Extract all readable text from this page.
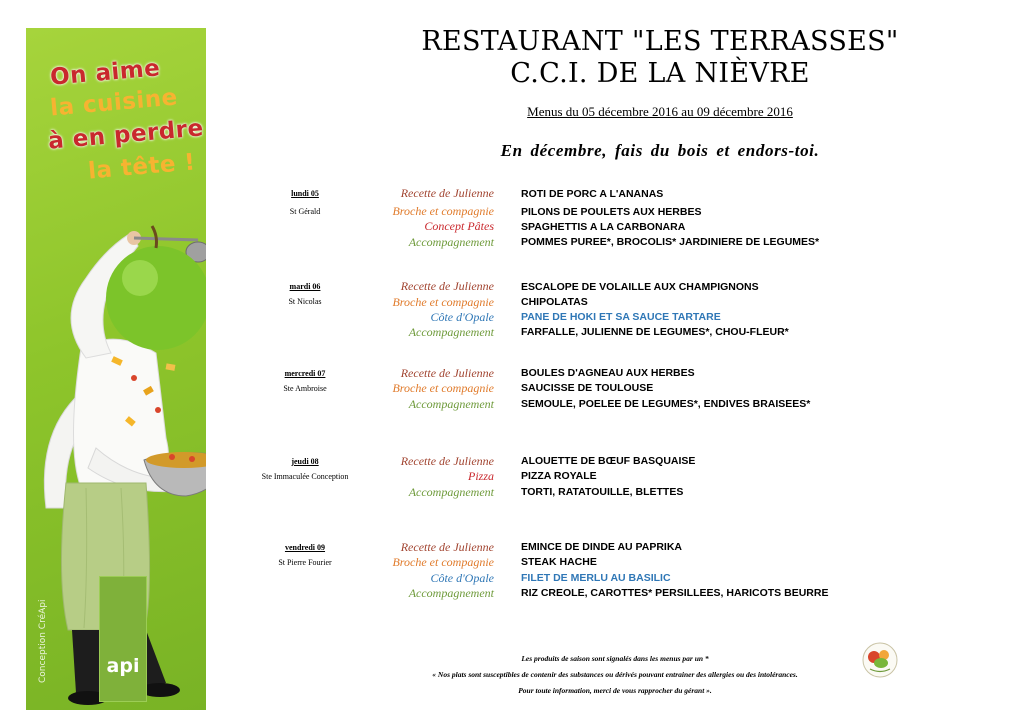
On aime
la cuisine
à en perdre
la tête !
api
Conception CréApi
RESTAURANT "LES TERRASSES"
C.C.I. DE LA NIÈVRE
Menus du 05 décembre 2016 au 09 décembre 2016
En décembre, fais du bois et endors-toi.
lundi 05
St Gérald
Recette de Julienne	ROTI DE PORC A L'ANANAS
Broche et compagnie	PILONS DE POULETS AUX HERBES
Concept Pâtes	SPAGHETTIS A LA CARBONARA
Accompagnement	POMMES PUREE*, BROCOLIS* JARDINIERE DE LEGUMES*
mardi 06
St Nicolas
Recette de Julienne	ESCALOPE DE VOLAILLE AUX CHAMPIGNONS
Broche et compagnie	CHIPOLATAS
Côte d'Opale	PANE DE HOKI ET SA SAUCE TARTARE
Accompagnement	FARFALLE, JULIENNE DE LEGUMES*, CHOU-FLEUR*
mercredi 07
Ste Ambroise
Recette de Julienne	BOULES D'AGNEAU AUX HERBES
Broche et compagnie	SAUCISSE DE TOULOUSE
Accompagnement	SEMOULE, POELEE DE LEGUMES*, ENDIVES BRAISEES*
jeudi 08
Ste Immaculée Conception
Recette de Julienne	ALOUETTE DE BŒUF BASQUAISE
Pizza	PIZZA ROYALE
Accompagnement	TORTI, RATATOUILLE, BLETTES
vendredi 09
St Pierre Fourier
Recette de Julienne	EMINCE DE DINDE AU PAPRIKA
Broche et compagnie	STEAK HACHE
Côte d'Opale	FILET DE MERLU AU BASILIC
Accompagnement	RIZ CREOLE, CAROTTES* PERSILLEES, HARICOTS BEURRE
Les produits de saison sont signalés dans les menus par un *
« Nos plats sont susceptibles de contenir des substances ou dérivés pouvant entrainer des allergies ou des intolérances.
Pour toute information, merci de vous rapprocher du gérant ».
